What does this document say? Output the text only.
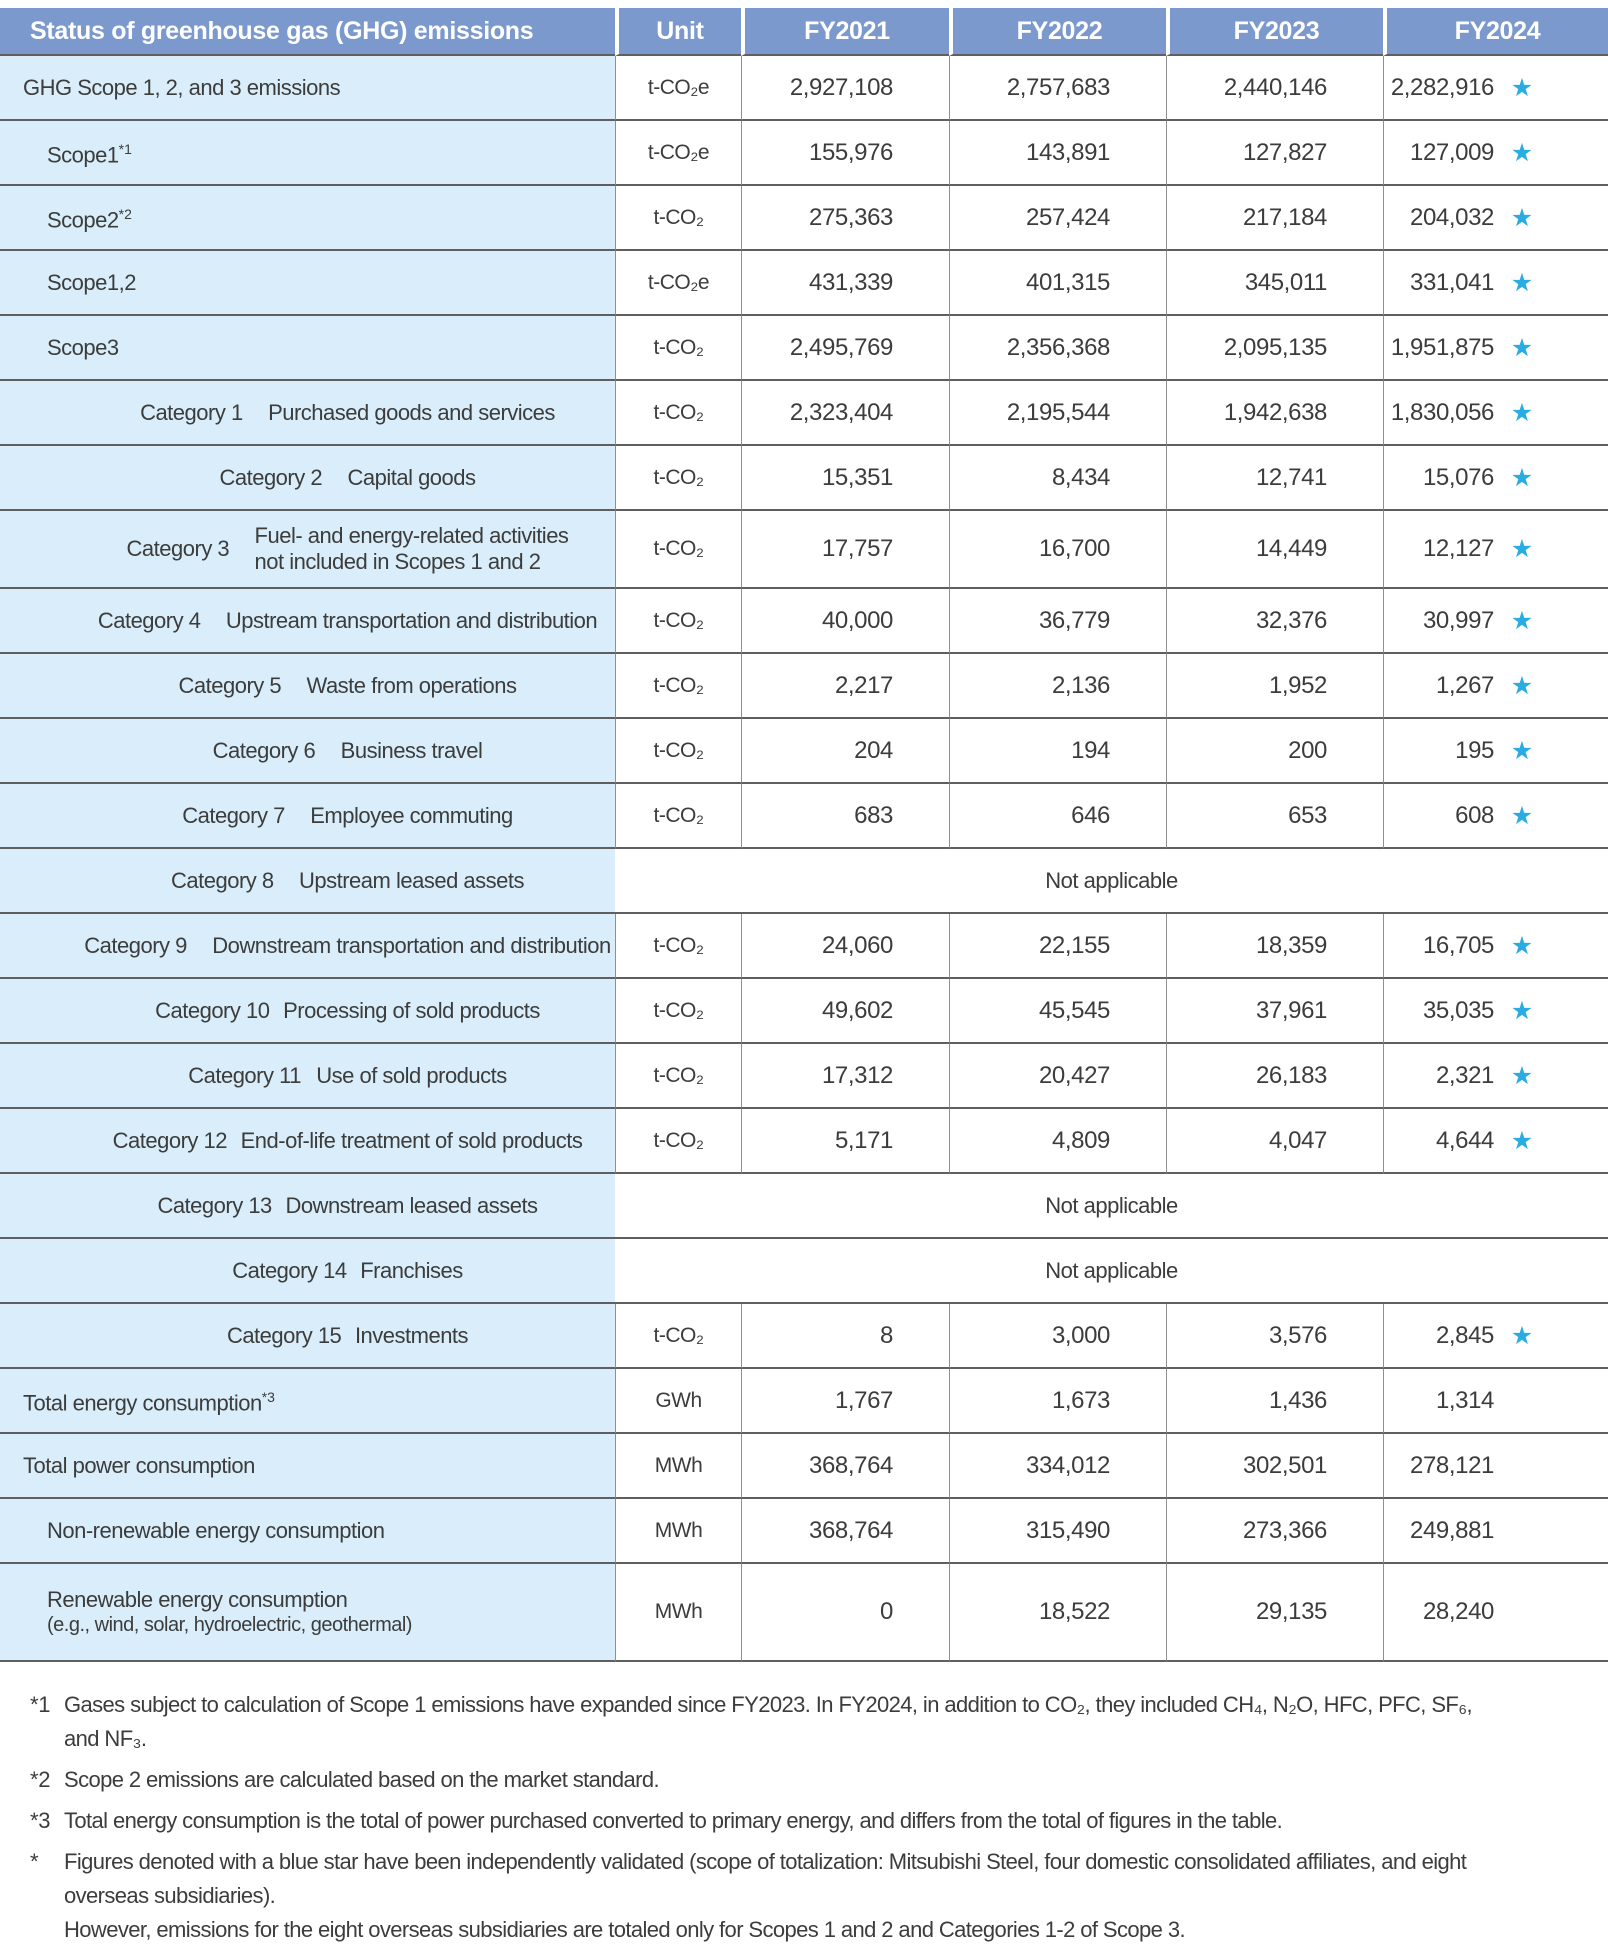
Status of greenhouse gas (GHG) emissions	Unit	FY2021	FY2022	FY2023	FY2024

GHG Scope 1, 2, and 3 emissions	t-CO₂e	2,927,108	2,757,683	2,440,146	2,282,916 ★

Scope1$^{*1}$	t-CO₂e	155,976	143,891	127,827	127,009 ★

Scope2$^{*2}$	t-CO₂	275,363	257,424	217,184	204,032 ★

Scope1,2	t-CO₂e	431,339	401,315	345,011	331,041 ★

Scope3	t-CO₂	2,495,769	2,356,368	2,095,135	1,951,875 ★

Category 1 Purchased goods and services	t-CO₂	2,323,404	2,195,544	1,942,638	1,830,056 ★

Category 2 Capital goods	t-CO₂	15,351	8,434	12,741	15,076 ★

Category 3
Fuel- and energy-related activities
not included in Scopes 1 and 2	t-CO₂	17,757	16,700	14,449	12,127 ★

Category 4 Upstream transportation and distribution	t-CO₂	40,000	36,779	32,376	30,997 ★

Category 5 Waste from operations	t-CO₂	2,217	2,136	1,952	1,267 ★

Category 6 Business travel	t-CO₂	204	194	200	195 ★

Category 7 Employee commuting	t-CO₂	683	646	653	608 ★

Category 8 Upstream leased assets	Not applicable				

Category 9 Downstream transportation and distribution	t-CO₂	24,060	22,155	18,359	16,705 ★

Category 10 Processing of sold products	t-CO₂	49,602	45,545	37,961	35,035 ★

Category 11 Use of sold products	t-CO₂	17,312	20,427	26,183	2,321 ★

Category 12 End-of-life treatment of sold products	t-CO₂	5,171	4,809	4,047	4,644 ★

Category 13 Downstream leased assets	Not applicable				

Category 14 Franchises	Not applicable				

Category 15 Investments	t-CO₂	8	3,000	3,576	2,845 ★

Total energy consumption$^{*3}$	GWh	1,767	1,673	1,436	1,314

Total power consumption	MWh	368,764	334,012	302,501	278,121

Non-renewable energy consumption	MWh	368,764	315,490	273,366	249,881

Renewable energy consumption
(e.g., wind, solar, hydroelectric, geothermal)	MWh	0	18,522	29,135	28,240
*1 Gases subject to calculation of Scope 1 emissions have expanded since FY2023. In FY2024, in addition to CO₂, they included CH₄, N₂O, HFC, PFC, SF₆,
and NF₃.
*2 Scope 2 emissions are calculated based on the market standard.
*3 Total energy consumption is the total of power purchased converted to primary energy, and differs from the total of figures in the table.
*	Figures denoted with a blue star have been independently validated (scope of totalization: Mitsubishi Steel, four domestic consolidated affiliates, and eight
overseas subsidiaries).
However, emissions for the eight overseas subsidiaries are totaled only for Scopes 1 and 2 and Categories 1-2 of Scope 3.
